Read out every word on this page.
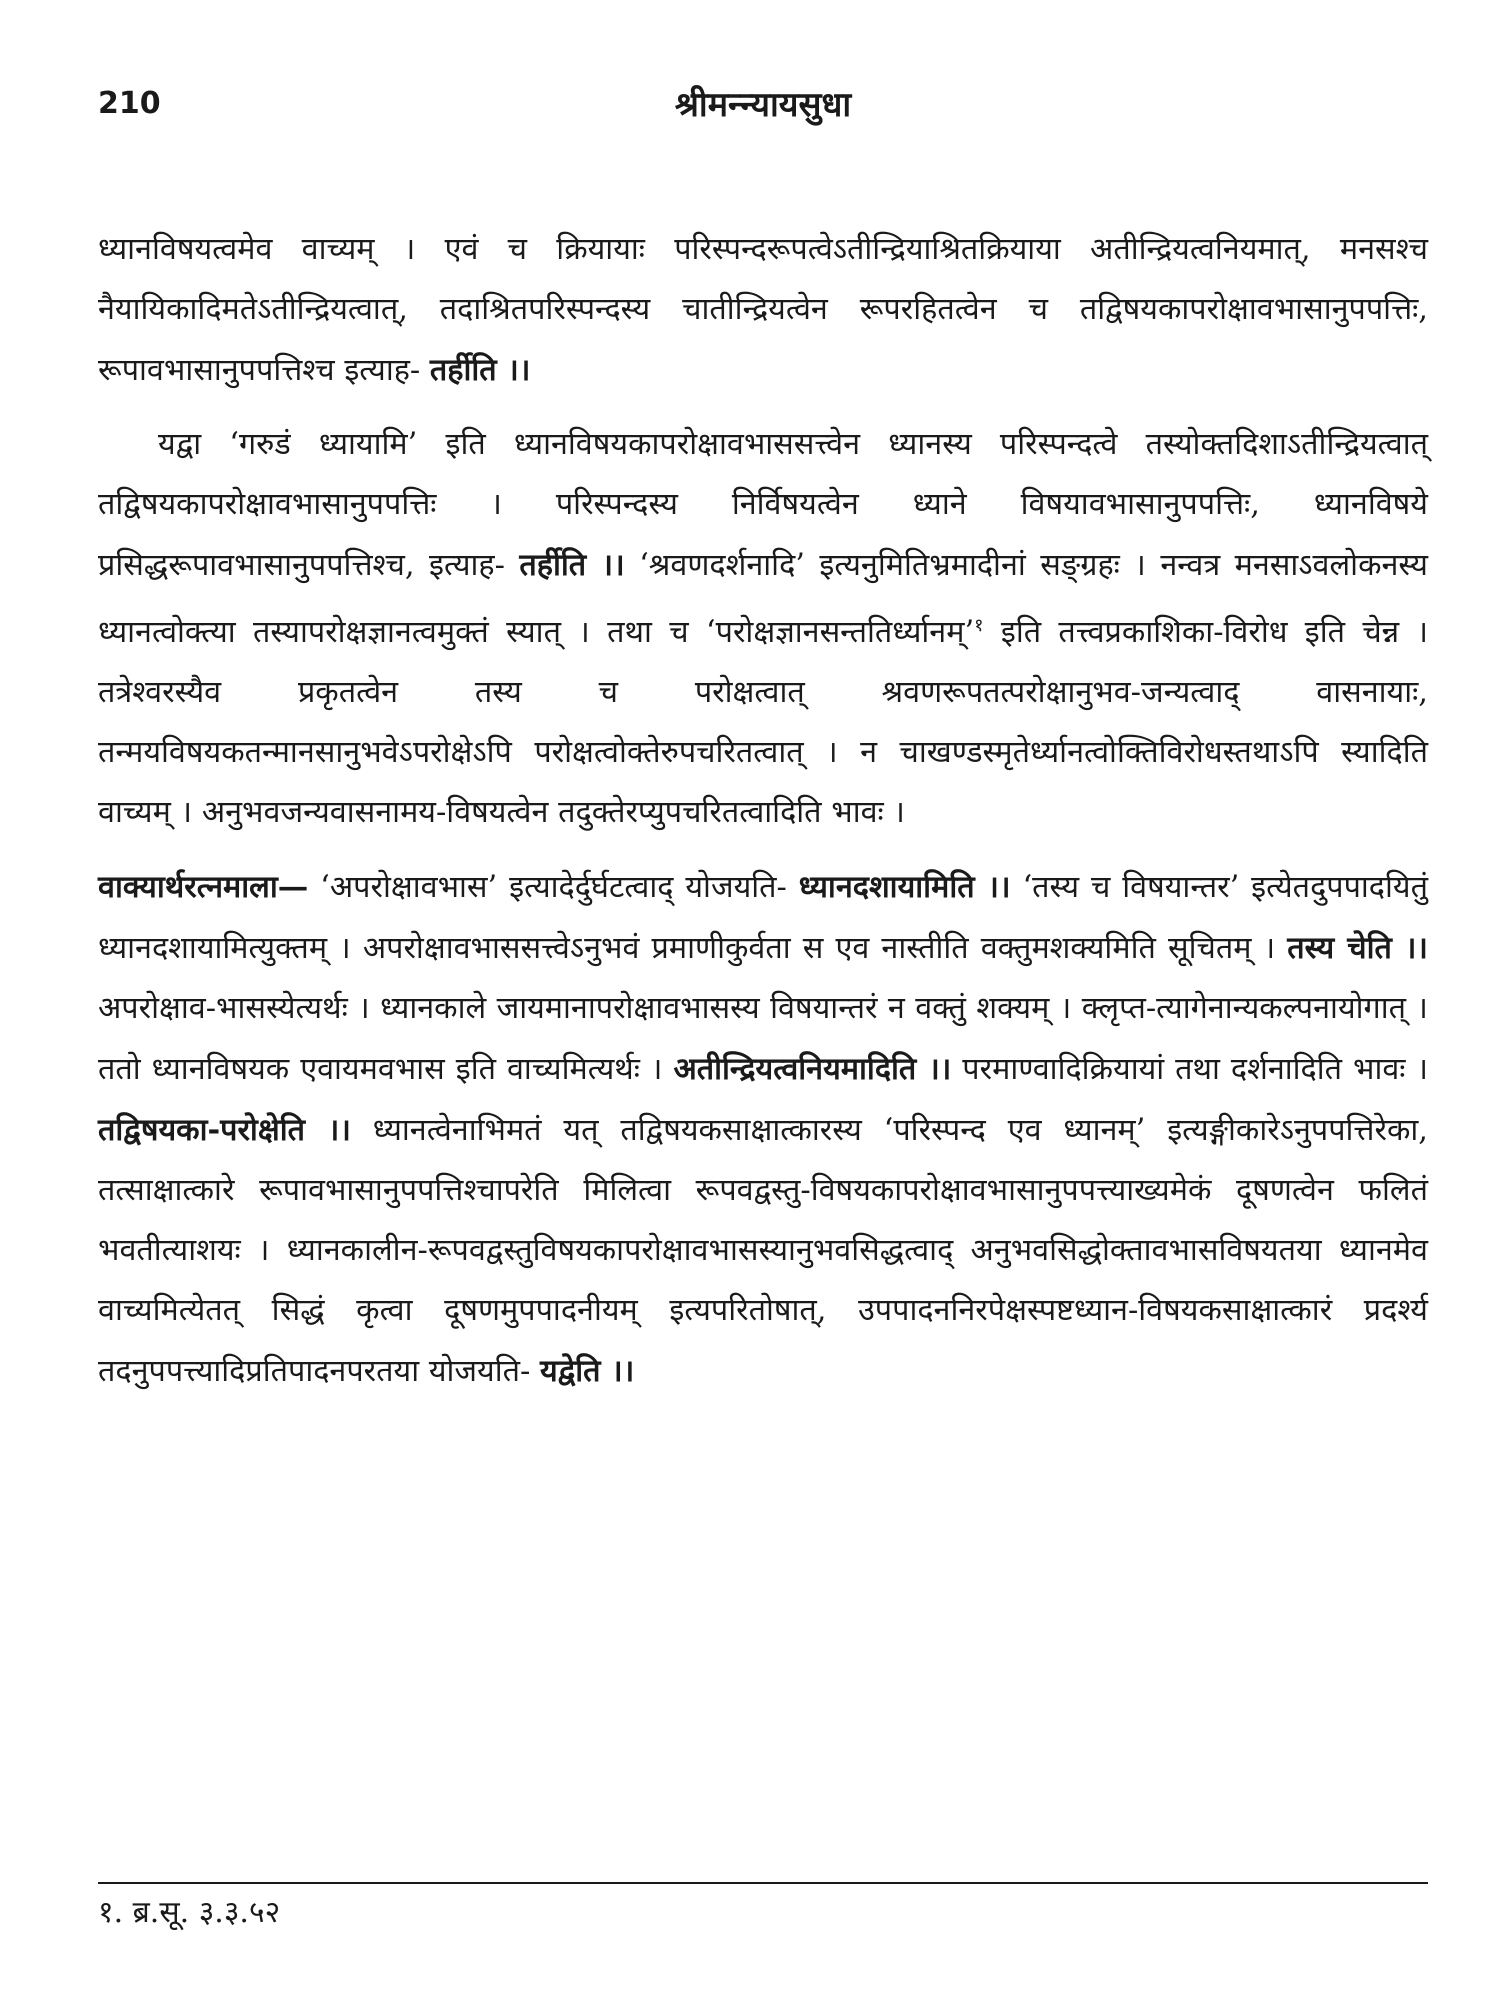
210	श्रीमन्न्यायसुधा

ध्यानविषयत्वमेव वाच्यम् । एवं च क्रियायाः परिस्पन्दरूपत्वेऽतीन्द्रियाश्रितक्रियाया अतीन्द्रियत्वनियमात्, मनसश्च नैयायिकादिमतेऽतीन्द्रियत्वात्, तदाश्रितपरिस्पन्दस्य चातीन्द्रियत्वेन रूपरहितत्वेन च तद्विषयकापरोक्षावभासानुपपत्तिः, रूपावभासानुपपत्तिश्च इत्याह- तर्हीति ।।

यद्वा ‘गरुडं ध्यायामि’ इति ध्यानविषयकापरोक्षावभाससत्त्वेन ध्यानस्य परिस्पन्दत्वे तस्योक्तदिशाऽतीन्द्रियत्वात् तद्विषयकापरोक्षावभासानुपपत्तिः । परिस्पन्दस्य निर्विषयत्वेन ध्याने विषयावभासानुपपत्तिः, ध्यानविषये प्रसिद्धरूपावभासानुपपत्तिश्च, इत्याह- तर्हीति ।। ‘श्रवणदर्शनादि’ इत्यनुमितिभ्रमादीनां सङ्ग्रहः । नन्वत्र मनसाऽवलोकनस्य ध्यानत्वोक्त्या तस्यापरोक्षज्ञानत्वमुक्तं स्यात् । तथा च ‘परोक्षज्ञानसन्ततिर्ध्यानम्’$^१$ इति तत्त्वप्रकाशिका-विरोध इति चेन्न । तत्रेश्वरस्यैव प्रकृतत्वेन तस्य च परोक्षत्वात् श्रवणरूपतत्परोक्षानुभव-जन्यत्वाद् वासनायाः, तन्मयविषयकतन्मानसानुभवेऽपरोक्षेऽपि परोक्षत्वोक्तेरुपचरितत्वात् । न चाखण्डस्मृतेर्ध्यानत्वोक्तिविरोधस्तथाऽपि स्यादिति वाच्यम् । अनुभवजन्यवासनामय-विषयत्वेन तदुक्तेरप्युपचरितत्वादिति भावः ।

वाक्यार्थरत्नमाला— ‘अपरोक्षावभास’ इत्यादेर्दुर्घटत्वाद् योजयति- ध्यानदशायामिति ।। ‘तस्य च विषयान्तर’ इत्येतदुपपादयितुं ध्यानदशायामित्युक्तम् । अपरोक्षावभाससत्त्वेऽनुभवं प्रमाणीकुर्वता स एव नास्तीति वक्तुमशक्यमिति सूचितम् । तस्य चेति ।। अपरोक्षाव-भासस्येत्यर्थः । ध्यानकाले जायमानापरोक्षावभासस्य विषयान्तरं न वक्तुं शक्यम् । क्लृप्त-त्यागेनान्यकल्पनायोगात् । ततो ध्यानविषयक एवायमवभास इति वाच्यमित्यर्थः । अतीन्द्रियत्वनियमादिति ।। परमाण्वादिक्रियायां तथा दर्शनादिति भावः । तद्विषयका-परोक्षेति ।। ध्यानत्वेनाभिमतं यत् तद्विषयकसाक्षात्कारस्य ‘परिस्पन्द एव ध्यानम्’ इत्यङ्गीकारेऽनुपपत्तिरेका, तत्साक्षात्कारे रूपावभासानुपपत्तिश्चापरेति मिलित्वा रूपवद्वस्तु-विषयकापरोक्षावभासानुपपत्त्याख्यमेकं दूषणत्वेन फलितं भवतीत्याशयः । ध्यानकालीन-रूपवद्वस्तुविषयकापरोक्षावभासस्यानुभवसिद्धत्वाद् अनुभवसिद्धोक्तावभासविषयतया ध्यानमेव वाच्यमित्येतत् सिद्धं कृत्वा दूषणमुपपादनीयम् इत्यपरितोषात्, उपपादननिरपेक्षस्पष्टध्यान-विषयकसाक्षात्कारं प्रदर्श्य तदनुपपत्त्यादिप्रतिपादनपरतया योजयति- यद्वेति ।।

१. ब्र.सू. ३.३.५२
